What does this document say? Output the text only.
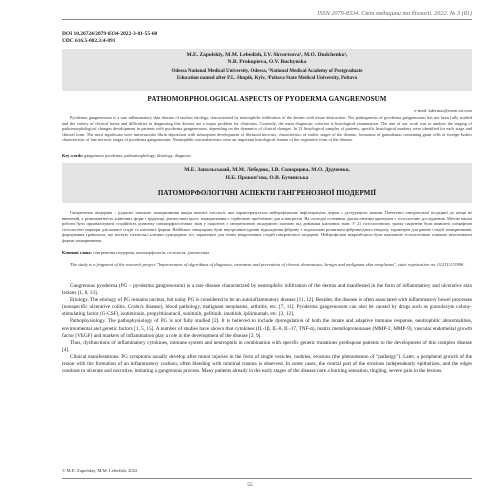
ISSN 2079-8334. Світ медицини та біології. 2022. № 3 (81)
DOI 10.26724/2079-8334-2022-3-81-55-60
UDC 616.5-002.3:4-091
M.E. Zapolskiy, M.M. Lebedish, I.V. Skvortsova¹, M.O. Dudchenko¹,
N.B. Prokopieva, O.V. Buchynska
Odessa National Medical University, Odessa, ¹National Medical Academy of Postgraduate
Education named after P.L. Shupik, Kyiv, ²Poltava State Medical University, Poltava
PATHOMORPHOLOGICAL ASPECTS OF PYODERMA GANGRENOSUM
e-mail: kdermas@mem.ed.com
Pyoderma gangrenosum is a rare inflammatory skin disease of unclear etiology, characterized by neutrophilic infiltration of the dermis with tissue destruction. The pathogenesis of pyoderma gangrenosum has not been fully studied and the variety of clinical forms and difficulties in diagnosing this disease are a major problem for clinicians. Currently, the main diagnostic criterion is histological examination. The aim of our work was to analyze the staging of pathomorphological changes development in patients with pyoderma gangrenosum, depending on the dynamics of clinical changes. In 21 histological samples of patients, specific histological markers were identified for each stage and clinical form. The most significant were intravascular fibrin deposition with subsequent development of fibrinoid necrosis, characteristic of earlier stages of the disease, formation of granulomas containing giant cells of foreign bodies characteristic of late necrotic stages of pyoderma gangrenosum. Neutrophilic microabscesses were an important histological feature of the vegetative form of the disease.
Key words: gangrenous pyoderma, pathomorphology, histology, diagnosis
М.Е. Запольський, М.М. Лебедюк, І.В. Скворцова, М.О. Дудченко,
Н.Б. Прокоп’єва, О.В. Бучинська
ПАТОМОРФОЛОГІЧНІ АСПЕКТИ ГАНГРЕНОЗНОЇ ПІОДЕРМІЇ
Гангренозна піодермія – рідкісне запальне захворювання шкіри неясної етіології, яка характеризується нейтрофільною інфільтрацією дерми з деструкцією тканин. Патогенез гангренозної піодермії до кінця не вивчений, а різноманітність клінічних форм і труднощі діагностики цього захворювання є серйозною проблемою для клініцистів. На сьогодні основним діагностичним критерієм є гістологічне дослідження. Метою нашої роботи було проаналізувати стадійність розвитку патоморфологічних змін у пацієнтів з гангренозною піодермією залежно від динаміки клінічних змін. У 21 гістологічному зразку пацієнтів були виявлені специфічні гістологічні маркери для кожної стадії та клінічної форми. Найбільш значущими були внутрішньосудинні відкладення фібрину з подальшим розвитком фібриноїдного некрозу, характерні для ранніх стадій захворювання, формування гранульом, що містять гігантські клітини чужорідних тіл, характерні для пізніх некротичних стадій гангренозної піодермії. Нейтрофільні мікроабсцеси були важливою гістологічною ознакою вегетативної форми захворювання.
Ключові слова: гангренозна піодермія, патоморфологія, гістологія, діагностика
The study is a fragment of the research project "Improvement of algorithms of diagnosis, treatment and prevention of chronic dermatoses, benign and malignant skin neoplasms", state registration no. 0121U113996.

Gangrenous pyoderma (PG – pyoderma gangrenosum) is a rare disease characterized by neutrophilic infiltration of the dermis and manifested in the form of inflammatory and ulcerative skin lesions [1, 8, 13].

Etiology. The etiology of PG remains unclear, but today PG is considered to be an autoinflammatory disease [11, 12]. Besides, the disease is often associated with inflammatory bowel processes (nonspecific ulcerative colitis, Crohn's disease), blood pathology, malignant neoplasms, arthritis, etc. [7, 11]. Pyoderma gangrenosum can also be caused by drugs such as granulocyte colony-stimulating factor (G-CSF), isotretinoin, propylthiouracil, sunitinib, gefitinib, imatinib, ipilimumab, etc. [2, 12].

Pathophysiology. The pathophysiology of PG is not fully studied [2]. It is believed to include dysregulation of both the innate and adaptive immune response, neutrophilic abnormalities, environmental and genetic factors [1, 5, 15]. A number of studies have shown that cytokines (IL-1β, IL-8, IL-17, TNF-α), matrix metalloproteinases (MMP-2, MMP-9), vascular endothelial growth factor (VEGF) and markers of inflammation play a role in the development of the disease [2, 9].

Thus, dysfunctions of inflammatory cytokines, immune system and neutrophils in combination with specific genetic mutations predispose patients to the development of this complex disease [4].

Clinical manifestations. PG symptoms usually develop after minor injuries in the form of single vesicles, nodules, erosions (the phenomenon of "pathergy"). Later, a peripheral growth of the lesion with the formation of an inflammatory cushion, often bleeding with minimal trauma is observed. In some cases, the central part of the erosions independently epithelizes, and the edges continue to ulcerate and necrotize, imitating a gangrenous process. Many patients already in the early stages of the disease note a burning sensation, tingling, severe pain in the lesions.

© M.E. Zapolskiy, M.M. Lebedish, 2022
55
